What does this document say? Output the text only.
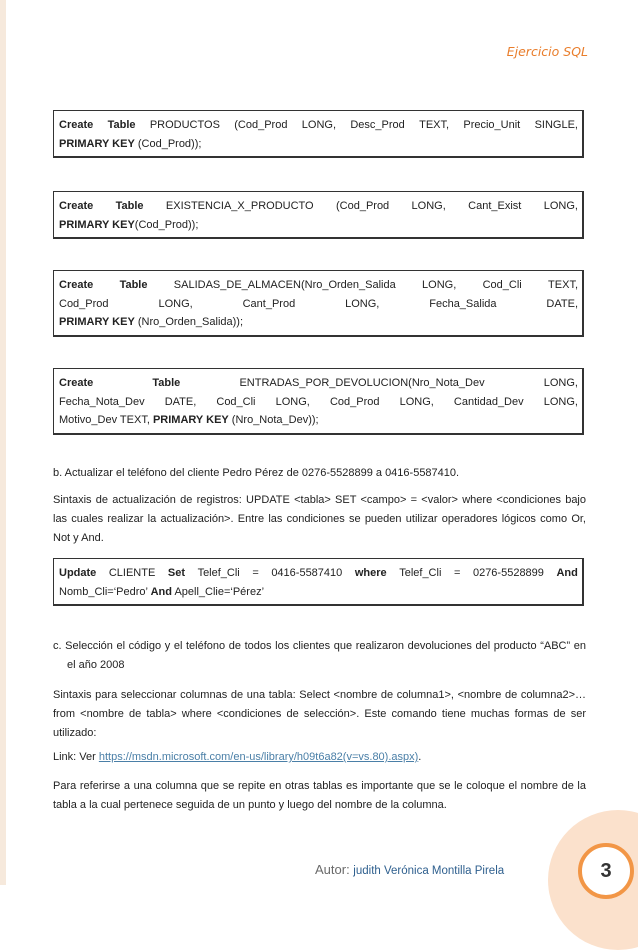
Ejercicio SQL
Create Table PRODUCTOS (Cod_Prod LONG, Desc_Prod TEXT, Precio_Unit SINGLE,
PRIMARY KEY (Cod_Prod));
Create Table EXISTENCIA_X_PRODUCTO (Cod_Prod LONG, Cant_Exist LONG,
PRIMARY KEY(Cod_Prod));
Create Table SALIDAS_DE_ALMACEN(Nro_Orden_Salida LONG, Cod_Cli TEXT,
Cod_Prod	LONG,	Cant_Prod	LONG,	Fecha_Salida	DATE,
PRIMARY KEY (Nro_Orden_Salida));
Create	Table	ENTRADAS_POR_DEVOLUCION(Nro_Nota_Dev	LONG,
Fecha_Nota_Dev DATE, Cod_Cli LONG, Cod_Prod LONG, Cantidad_Dev LONG,
Motivo_Dev TEXT, PRIMARY KEY (Nro_Nota_Dev));
b. Actualizar el teléfono del cliente Pedro Pérez de 0276-5528899 a 0416-5587410.
Sintaxis de actualización de registros: UPDATE <tabla> SET <campo> = <valor> where <condiciones bajo las cuales realizar la actualización>. Entre las condiciones se pueden utilizar operadores lógicos como Or, Not y And.
Update CLIENTE Set Telef_Cli = 0416-5587410 where Telef_Cli = 0276-5528899 And
Nomb_Cli=‘Pedro’ And Apell_Clie=‘Pérez’
c. Selección el código y el teléfono de todos los clientes que realizaron devoluciones del producto “ABC” en el año 2008
Sintaxis para seleccionar columnas de una tabla: Select <nombre de columna1>, <nombre de columna2>… from <nombre de tabla> where <condiciones de selección>. Este comando tiene muchas formas de ser utilizado:
Link: Ver https://msdn.microsoft.com/en-us/library/h09t6a82(v=vs.80).aspx).
Para referirse a una columna que se repite en otras tablas es importante que se le coloque el nombre de la tabla a la cual pertenece seguida de un punto y luego del nombre de la columna.
Autor: judith Verónica Montilla Pirela	3
